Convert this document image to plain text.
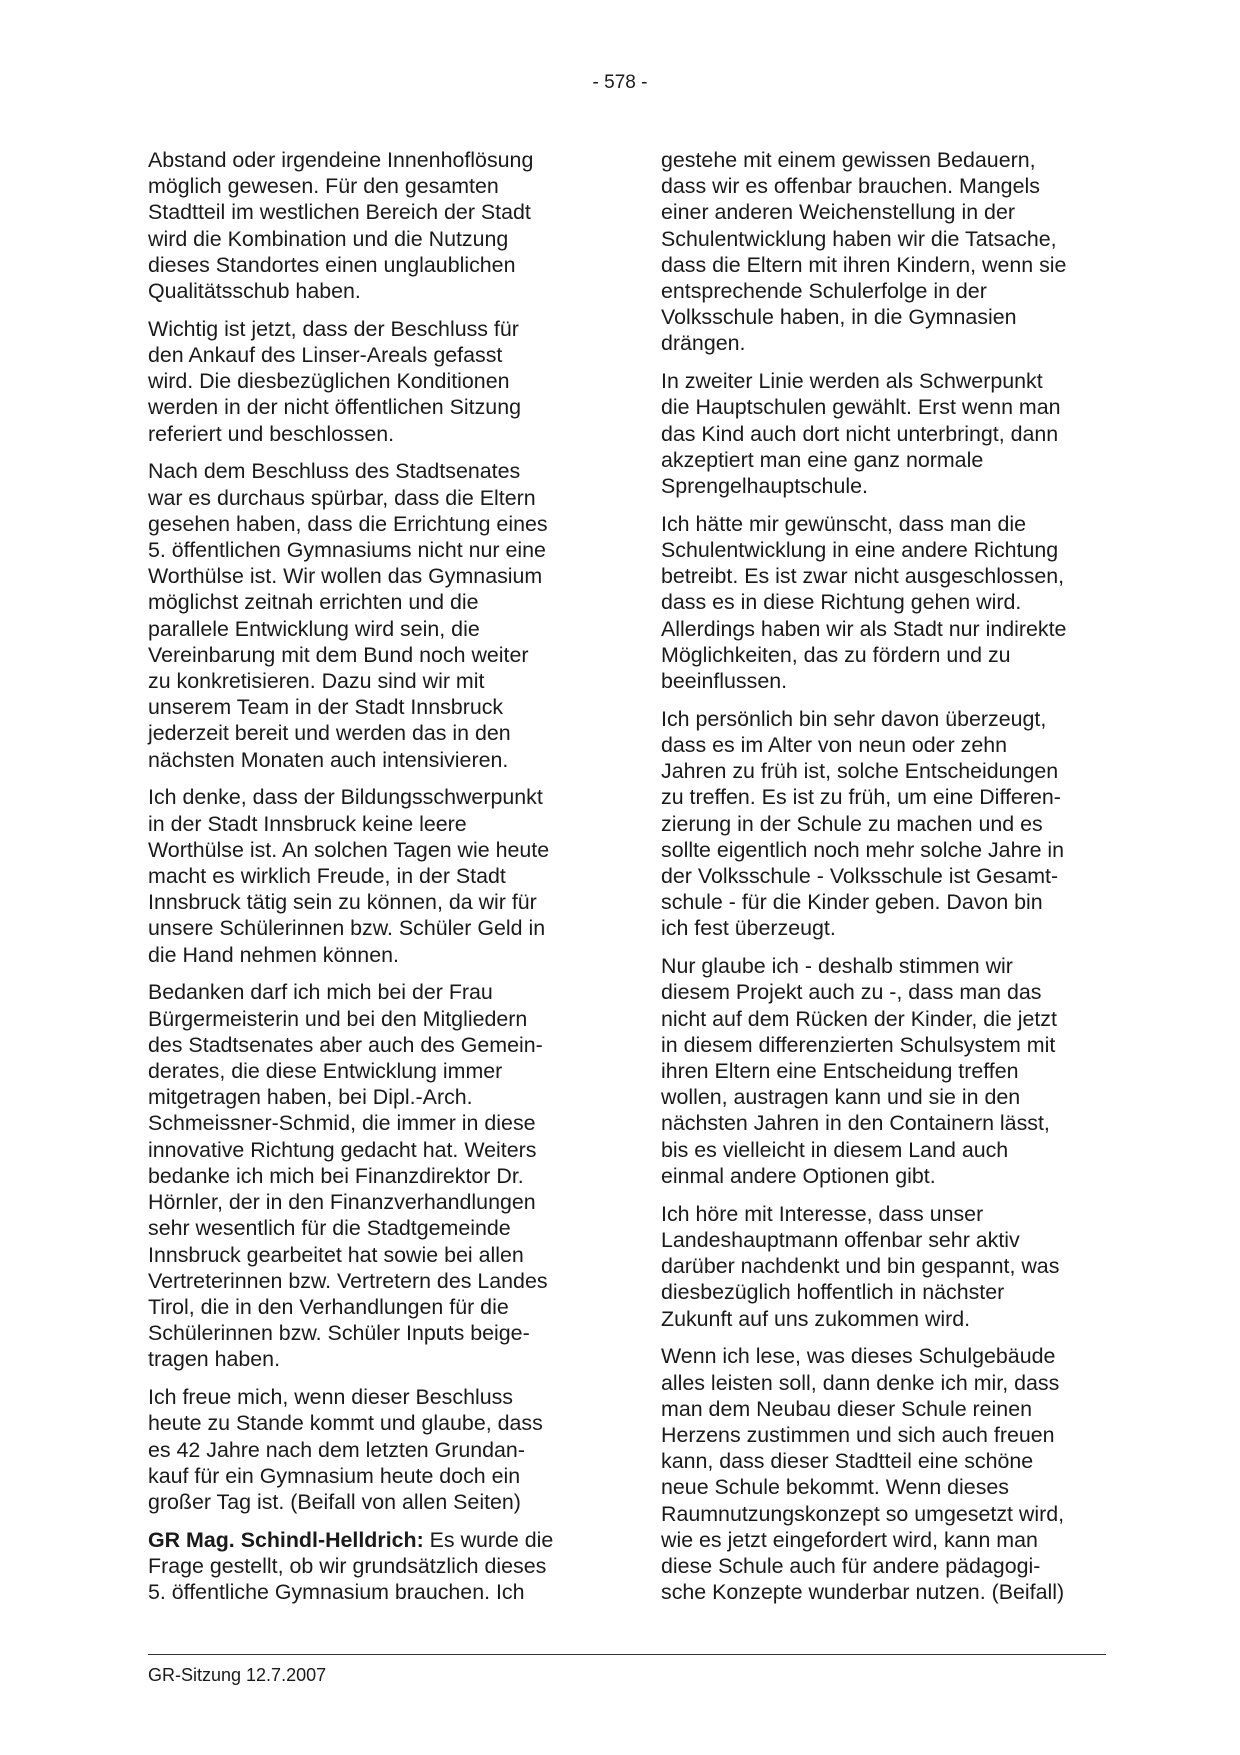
- 578 -

Abstand oder irgendeine Innenhoflösung
möglich gewesen. Für den gesamten
Stadtteil im westlichen Bereich der Stadt
wird die Kombination und die Nutzung
dieses Standortes einen unglaublichen
Qualitätsschub haben.

Wichtig ist jetzt, dass der Beschluss für
den Ankauf des Linser-Areals gefasst
wird. Die diesbezüglichen Konditionen
werden in der nicht öffentlichen Sitzung
referiert und beschlossen.

Nach dem Beschluss des Stadtsenates
war es durchaus spürbar, dass die Eltern
gesehen haben, dass die Errichtung eines
5. öffentlichen Gymnasiums nicht nur eine
Worthülse ist. Wir wollen das Gymnasium
möglichst zeitnah errichten und die
parallele Entwicklung wird sein, die
Vereinbarung mit dem Bund noch weiter
zu konkretisieren. Dazu sind wir mit
unserem Team in der Stadt Innsbruck
jederzeit bereit und werden das in den
nächsten Monaten auch intensivieren.

Ich denke, dass der Bildungsschwerpunkt
in der Stadt Innsbruck keine leere
Worthülse ist. An solchen Tagen wie heute
macht es wirklich Freude, in der Stadt
Innsbruck tätig sein zu können, da wir für
unsere Schülerinnen bzw. Schüler Geld in
die Hand nehmen können.

Bedanken darf ich mich bei der Frau
Bürgermeisterin und bei den Mitgliedern
des Stadtsenates aber auch des Gemein-
derates, die diese Entwicklung immer
mitgetragen haben, bei Dipl.-Arch.
Schmeissner-Schmid, die immer in diese
innovative Richtung gedacht hat. Weiters
bedanke ich mich bei Finanzdirektor Dr.
Hörnler, der in den Finanzverhandlungen
sehr wesentlich für die Stadtgemeinde
Innsbruck gearbeitet hat sowie bei allen
Vertreterinnen bzw. Vertretern des Landes
Tirol, die in den Verhandlungen für die
Schülerinnen bzw. Schüler Inputs beige-
tragen haben.

Ich freue mich, wenn dieser Beschluss
heute zu Stande kommt und glaube, dass
es 42 Jahre nach dem letzten Grundan-
kauf für ein Gymnasium heute doch ein
großer Tag ist. (Beifall von allen Seiten)

GR Mag. Schindl-Helldrich: Es wurde die
Frage gestellt, ob wir grundsätzlich dieses
5. öffentliche Gymnasium brauchen. Ich

gestehe mit einem gewissen Bedauern,
dass wir es offenbar brauchen. Mangels
einer anderen Weichenstellung in der
Schulentwicklung haben wir die Tatsache,
dass die Eltern mit ihren Kindern, wenn sie
entsprechende Schulerfolge in der
Volksschule haben, in die Gymnasien
drängen.

In zweiter Linie werden als Schwerpunkt
die Hauptschulen gewählt. Erst wenn man
das Kind auch dort nicht unterbringt, dann
akzeptiert man eine ganz normale
Sprengelhauptschule.

Ich hätte mir gewünscht, dass man die
Schulentwicklung in eine andere Richtung
betreibt. Es ist zwar nicht ausgeschlossen,
dass es in diese Richtung gehen wird.
Allerdings haben wir als Stadt nur indirekte
Möglichkeiten, das zu fördern und zu
beeinflussen.

Ich persönlich bin sehr davon überzeugt,
dass es im Alter von neun oder zehn
Jahren zu früh ist, solche Entscheidungen
zu treffen. Es ist zu früh, um eine Differen-
zierung in der Schule zu machen und es
sollte eigentlich noch mehr solche Jahre in
der Volksschule - Volksschule ist Gesamt-
schule - für die Kinder geben. Davon bin
ich fest überzeugt.

Nur glaube ich - deshalb stimmen wir
diesem Projekt auch zu -, dass man das
nicht auf dem Rücken der Kinder, die jetzt
in diesem differenzierten Schulsystem mit
ihren Eltern eine Entscheidung treffen
wollen, austragen kann und sie in den
nächsten Jahren in den Containern lässt,
bis es vielleicht in diesem Land auch
einmal andere Optionen gibt.

Ich höre mit Interesse, dass unser
Landeshauptmann offenbar sehr aktiv
darüber nachdenkt und bin gespannt, was
diesbezüglich hoffentlich in nächster
Zukunft auf uns zukommen wird.

Wenn ich lese, was dieses Schulgebäude
alles leisten soll, dann denke ich mir, dass
man dem Neubau dieser Schule reinen
Herzens zustimmen und sich auch freuen
kann, dass dieser Stadtteil eine schöne
neue Schule bekommt. Wenn dieses
Raumnutzungskonzept so umgesetzt wird,
wie es jetzt eingefordert wird, kann man
diese Schule auch für andere pädagogi-
sche Konzepte wunderbar nutzen. (Beifall)

GR-Sitzung 12.7.2007
